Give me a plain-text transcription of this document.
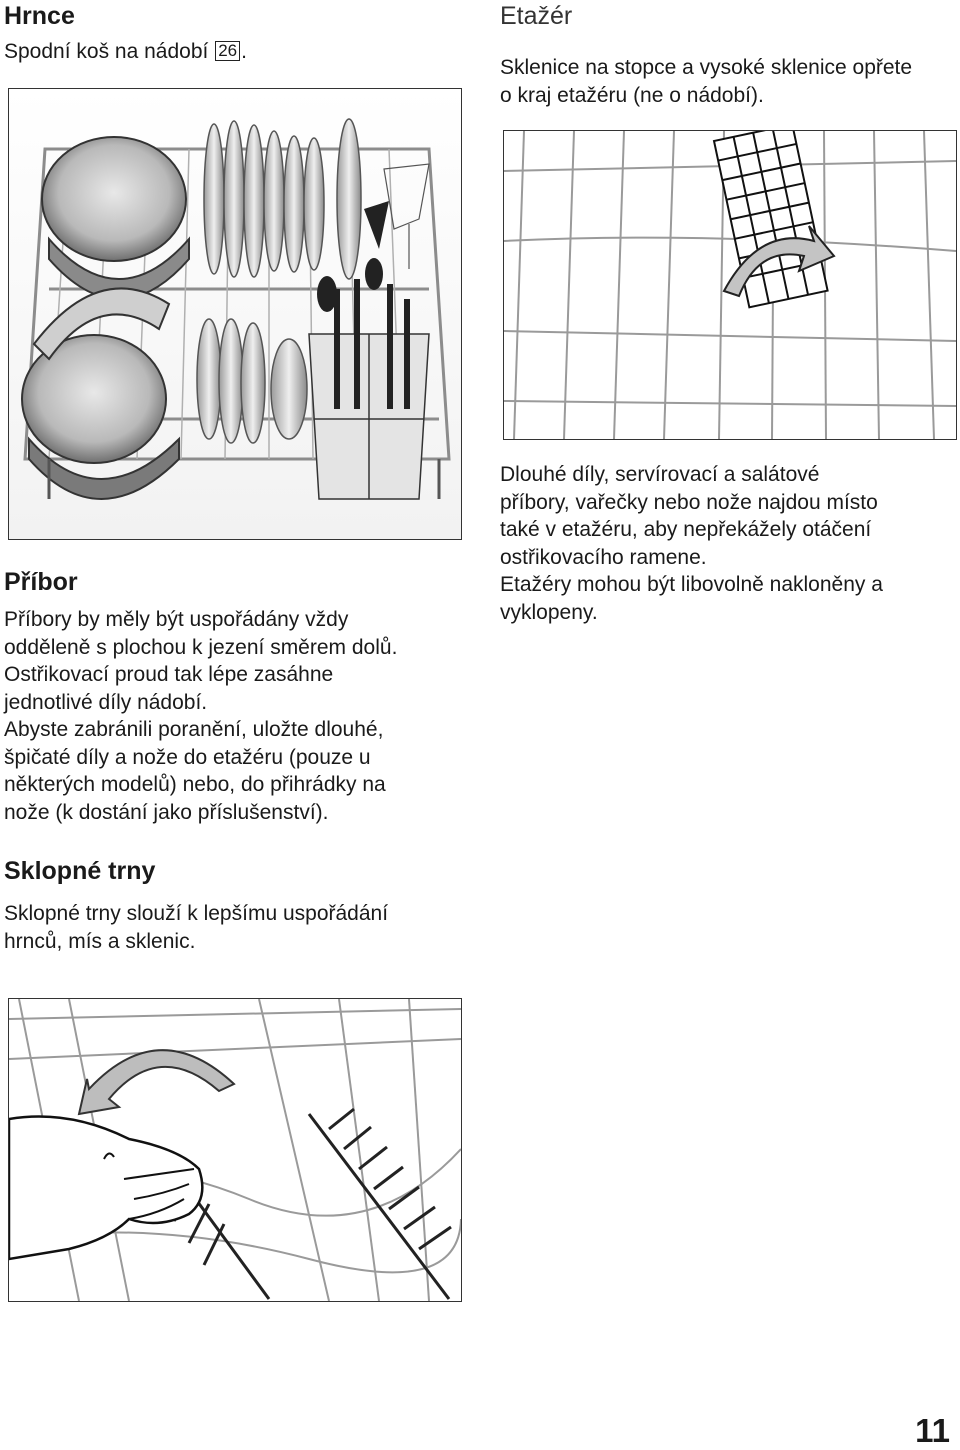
Hrnce
Spodní koš na nádobí 26 .
Příbor
Příbory by měly být uspořádány vždy
odděleně s plochou k jezení směrem dolů.
Ostřikovací proud tak lépe zasáhne
jednotlivé díly nádobí.
Abyste zabránili poranění, uložte dlouhé,
špičaté díly a nože do etažéru (pouze u
některých modelů) nebo, do přihrádky na
nože (k dostání jako příslušenství).
Sklopné trny
Sklopné trny slouží k lepšímu uspořádání
hrnců, mís a sklenic.
Etažér
Sklenice na stopce a vysoké sklenice opřete
o kraj etažéru (ne o nádobí).
Dlouhé díly, servírovací a salátové
příbory, vařečky nebo nože najdou místo
také v etažéru, aby nepřekážely otáčení
ostřikovacího ramene.
Etažéry mohou být libovolně nakloněny a
vyklopeny.
11
